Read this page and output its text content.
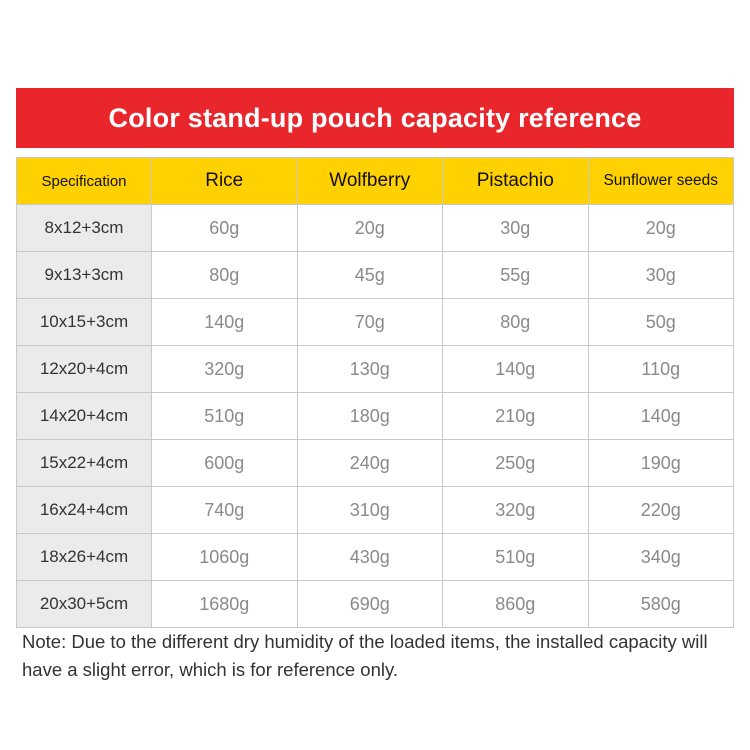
Color stand-up pouch capacity reference
Specification	Rice	Wolfberry	Pistachio	Sunflower seeds
8x12+3cm	60g	20g	30g	20g
9x13+3cm	80g	45g	55g	30g
10x15+3cm	140g	70g	80g	50g
12x20+4cm	320g	130g	140g	110g
14x20+4cm	510g	180g	210g	140g
15x22+4cm	600g	240g	250g	190g
16x24+4cm	740g	310g	320g	220g
18x26+4cm	1060g	430g	510g	340g
20x30+5cm	1680g	690g	860g	580g
Note: Due to the different dry humidity of the loaded items, the installed capacity will have a slight error, which is for reference only.
